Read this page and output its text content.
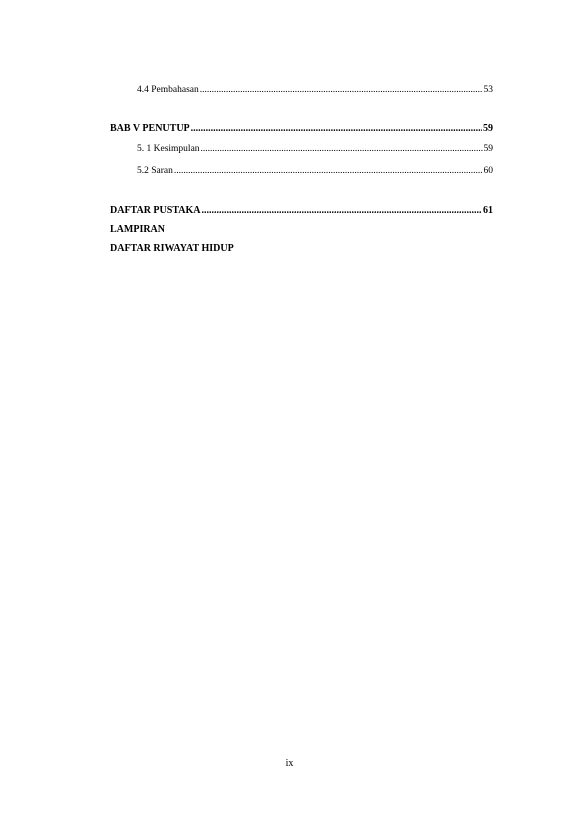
4.4 Pembahasan .....	53
BAB V PENUTUP .....	59
5. 1 Kesimpulan .....	59
5.2 Saran .....	60
DAFTAR PUSTAKA .....	61
LAMPIRAN
DAFTAR RIWAYAT HIDUP
ix
